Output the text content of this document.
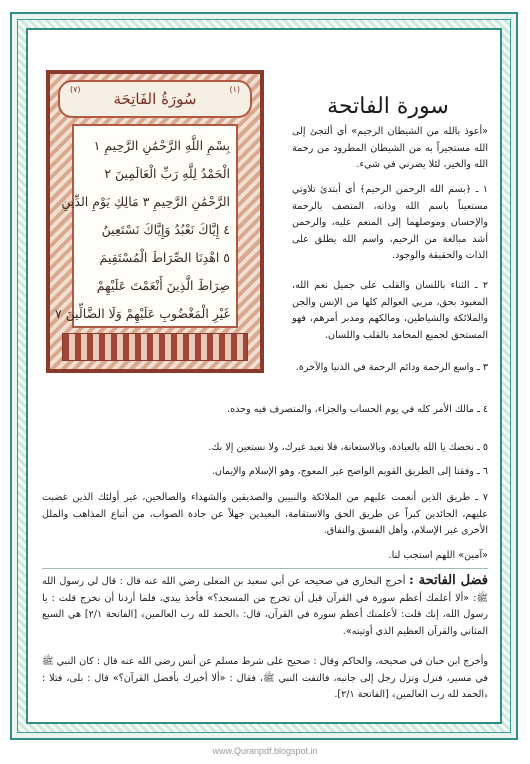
سُورَةُ الفَاتِحَة
(٧)	(١)
بِسْمِ اللَّهِ الرَّحْمَٰنِ الرَّحِيمِ ١
الْحَمْدُ لِلَّهِ رَبِّ الْعَالَمِينَ ٢
الرَّحْمَٰنِ الرَّحِيمِ ٣ مَالِكِ يَوْمِ الدِّينِ
٤ إِيَّاكَ نَعْبُدُ وَإِيَّاكَ نَسْتَعِينُ
٥ اهْدِنَا الصِّرَاطَ الْمُسْتَقِيمَ
صِرَاطَ الَّذِينَ أَنْعَمْتَ عَلَيْهِمْ
غَيْرِ الْمَغْضُوبِ عَلَيْهِمْ وَلَا الضَّالِّينَ ٧
سورة الفاتحة
«أعوذ بالله من الشيطان الرجيم» أي ألتجئ إلى الله مستجيراً به من الشيطان المطرود من رحمة الله والخير، لئلا يضرني في شيء.
١ ـ ﴿بسم الله الرحمن الرحيم﴾ أي أبتدئ تلاوتي مستعيناً باسم الله وذاته، المتصف بالرحمة والإحسان وموصلهما إلى المنعم عليه، والرحمن أشد مبالغة من الرحيم، واسم الله يطلق على الذات والحقيقة والوجود.
٢ ـ الثناء باللسان والقلب على جميل نعم الله، المعبود بحق، مربي العوالم كلها من الإنس والجن والملائكة والشياطين، ومالكهم ومدبر أمرهم، فهو المستحق لجميع المحامد بالقلب واللسان.
٣ ـ واسع الرحمة ودائم الرحمة في الدنيا والآخرة.
٤ ـ مالك الأمر كله في يوم الحساب والجزاء، والمتصرف فيه وحده.
٥ ـ نخصك يا الله بالعبادة، وبالاستعانة، فلا نعبد غيرك، ولا نستعين إلا بك.
٦ ـ وفقنا إلى الطريق القويم الواضح غير المعوج، وهو الإسلام والإيمان.
٧ ـ طريق الذين أنعمت عليهم من الملائكة والنبيين والصديقين والشهداء والصالحين، غير أولئك الذين غضبت عليهم، الحائدين كبراً عن طريق الحق والاستقامة، البعيدين جهلاً عن جادة الصواب، من أتباع المذاهب والملل الأخرى غير الإسلام، وأهل الفسق والنفاق.
«آمين» اللهم استجب لنا.
فضل الفاتحة : أخرج البخاري في صحيحه عن أبي سعيد بن المعلى رضي الله عنه قال : قال لي رسول الله ﷺ: «ألا أعلمك أعظم سورة في القرآن قبل أن تخرج من المسجد؟» فأخذ بيدي، فلما أردنا أن نخرج قلت : يا رسول الله، إنك قلت: لأعلمنك أعظم سورة في القرآن، قال: ﴿الحمد لله رب العالمين﴾ [الفاتحة ٢/١] هي السبع المثاني والقرآن العظيم الذي أوتيته».
وأخرج ابن حبان في صحيحه، والحاكم وقال : صحيح على شرط مسلم عن أنس رضي الله عنه قال : كان النبي ﷺ في مسير، فنزل ونزل رجل إلى جانبه، فالتفت النبي ﷺ، فقال : «ألا أخبرك بأفضل القرآن؟» قال : بلى، فتلا : ﴿الحمد لله رب العالمين﴾ [الفاتحة ٢/١].
www.Quranpdf.blogspot.in
